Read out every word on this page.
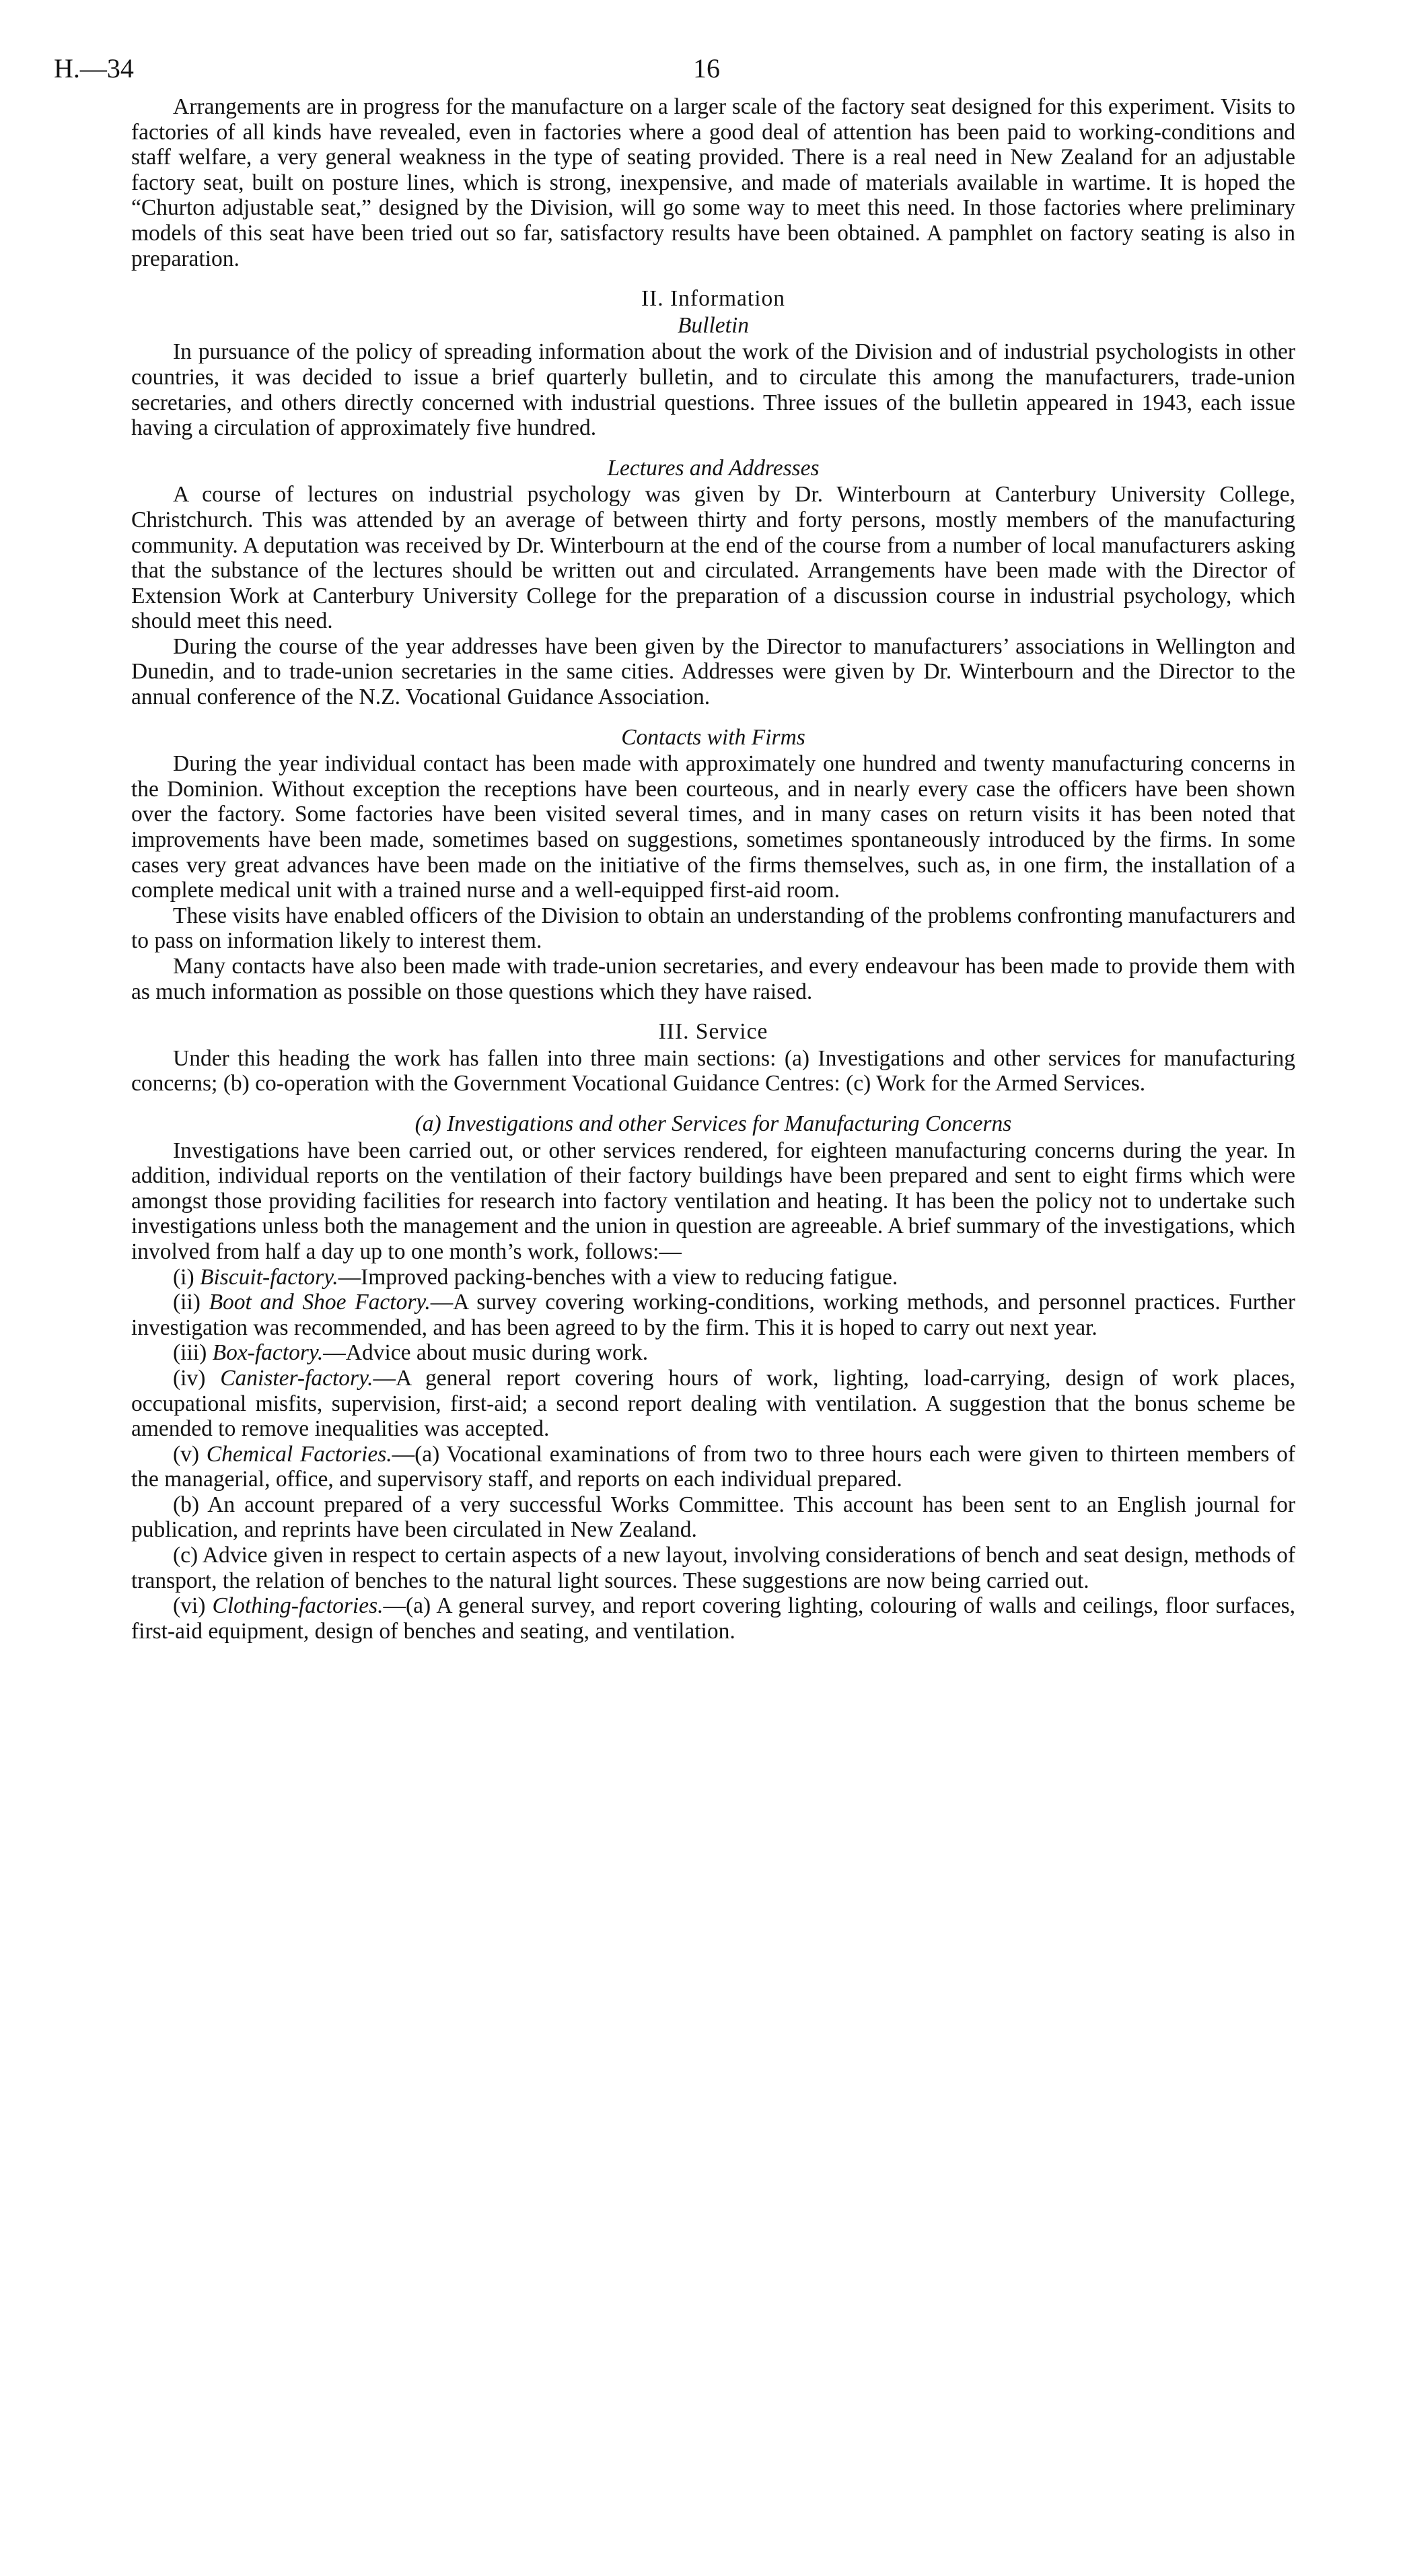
H.—34	16

Arrangements are in progress for the manufacture on a larger scale of the factory seat designed for this experiment. Visits to factories of all kinds have revealed, even in factories where a good deal of attention has been paid to working-conditions and staff welfare, a very general weakness in the type of seating provided. There is a real need in New Zealand for an adjustable factory seat, built on posture lines, which is strong, inexpensive, and made of materials available in wartime. It is hoped the “Churton adjustable seat,” designed by the Division, will go some way to meet this need. In those factories where preliminary models of this seat have been tried out so far, satisfactory results have been obtained. A pamphlet on factory seating is also in preparation.

II. Information
Bulletin

In pursuance of the policy of spreading information about the work of the Division and of industrial psychologists in other countries, it was decided to issue a brief quarterly bulletin, and to circulate this among the manufacturers, trade-union secretaries, and others directly concerned with industrial questions. Three issues of the bulletin appeared in 1943, each issue having a circulation of approximately five hundred.

Lectures and Addresses

A course of lectures on industrial psychology was given by Dr. Winterbourn at Canterbury University College, Christchurch. This was attended by an average of between thirty and forty persons, mostly members of the manufacturing community. A deputation was received by Dr. Winterbourn at the end of the course from a number of local manufacturers asking that the substance of the lectures should be written out and circulated. Arrangements have been made with the Director of Extension Work at Canterbury University College for the preparation of a discussion course in industrial psychology, which should meet this need.

During the course of the year addresses have been given by the Director to manufacturers’ associations in Wellington and Dunedin, and to trade-union secretaries in the same cities. Addresses were given by Dr. Winterbourn and the Director to the annual conference of the N.Z. Vocational Guidance Association.

Contacts with Firms

During the year individual contact has been made with approximately one hundred and twenty manufacturing concerns in the Dominion. Without exception the receptions have been courteous, and in nearly every case the officers have been shown over the factory. Some factories have been visited several times, and in many cases on return visits it has been noted that improvements have been made, sometimes based on suggestions, sometimes spontaneously introduced by the firms. In some cases very great advances have been made on the initiative of the firms themselves, such as, in one firm, the installation of a complete medical unit with a trained nurse and a well-equipped first-aid room.

These visits have enabled officers of the Division to obtain an understanding of the problems confronting manufacturers and to pass on information likely to interest them.

Many contacts have also been made with trade-union secretaries, and every endeavour has been made to provide them with as much information as possible on those questions which they have raised.

III. Service

Under this heading the work has fallen into three main sections: (a) Investigations and other services for manufacturing concerns; (b) co-operation with the Government Vocational Guidance Centres: (c) Work for the Armed Services.

(a) Investigations and other Services for Manufacturing Concerns

Investigations have been carried out, or other services rendered, for eighteen manufacturing concerns during the year. In addition, individual reports on the ventilation of their factory buildings have been prepared and sent to eight firms which were amongst those providing facilities for research into factory ventilation and heating. It has been the policy not to undertake such investigations unless both the management and the union in question are agreeable. A brief summary of the investigations, which involved from half a day up to one month’s work, follows:—

(i) Biscuit-factory.—Improved packing-benches with a view to reducing fatigue.

(ii) Boot and Shoe Factory.—A survey covering working-conditions, working methods, and personnel practices. Further investigation was recommended, and has been agreed to by the firm. This it is hoped to carry out next year.

(iii) Box-factory.—Advice about music during work.

(iv) Canister-factory.—A general report covering hours of work, lighting, load-carrying, design of work places, occupational misfits, supervision, first-aid; a second report dealing with ventilation. A suggestion that the bonus scheme be amended to remove inequalities was accepted.

(v) Chemical Factories.—(a) Vocational examinations of from two to three hours each were given to thirteen members of the managerial, office, and supervisory staff, and reports on each individual prepared.

(b) An account prepared of a very successful Works Committee. This account has been sent to an English journal for publication, and reprints have been circulated in New Zealand.

(c) Advice given in respect to certain aspects of a new layout, involving considerations of bench and seat design, methods of transport, the relation of benches to the natural light sources. These suggestions are now being carried out.

(vi) Clothing-factories.—(a) A general survey, and report covering lighting, colouring of walls and ceilings, floor surfaces, first-aid equipment, design of benches and seating, and ventilation.
